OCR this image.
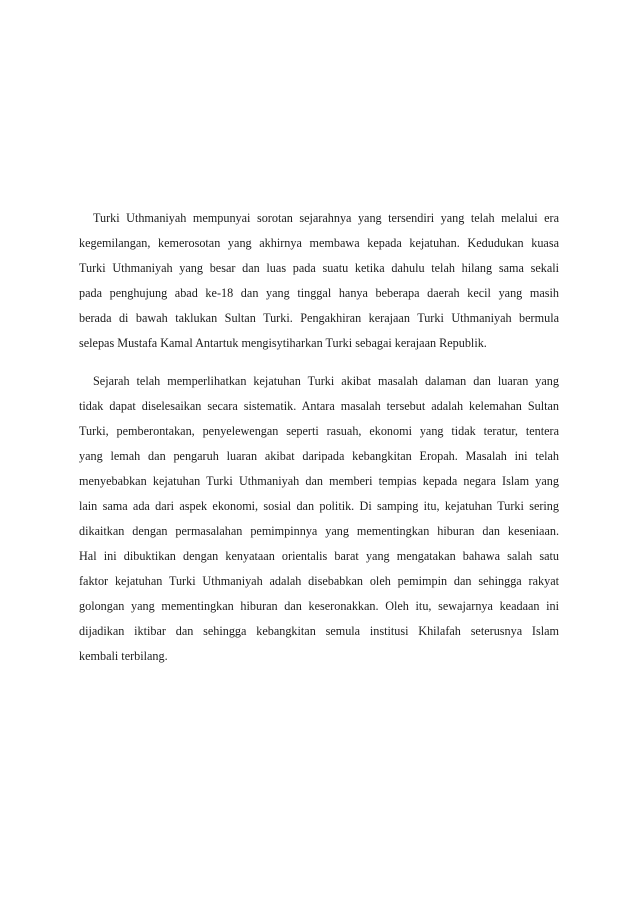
Turki Uthmaniyah mempunyai sorotan sejarahnya yang tersendiri yang telah melalui era
kegemilangan, kemerosotan yang akhirnya membawa kepada kejatuhan. Kedudukan kuasa
Turki Uthmaniyah yang besar dan luas pada suatu ketika dahulu telah hilang sama sekali
pada penghujung abad ke-18 dan yang tinggal hanya beberapa daerah kecil yang masih
berada di bawah taklukan Sultan Turki. Pengakhiran kerajaan Turki Uthmaniyah bermula
selepas Mustafa Kamal Antartuk mengisytiharkan Turki sebagai kerajaan Republik.
Sejarah telah memperlihatkan kejatuhan Turki akibat masalah dalaman dan luaran yang
tidak dapat diselesaikan secara sistematik. Antara masalah tersebut adalah kelemahan Sultan
Turki, pemberontakan, penyelewengan seperti rasuah, ekonomi yang tidak teratur, tentera
yang lemah dan pengaruh luaran akibat daripada kebangkitan Eropah. Masalah ini telah
menyebabkan kejatuhan Turki Uthmaniyah dan memberi tempias kepada negara Islam yang
lain sama ada dari aspek ekonomi, sosial dan politik. Di samping itu, kejatuhan Turki sering
dikaitkan dengan permasalahan pemimpinnya yang mementingkan hiburan dan keseniaan.
Hal ini dibuktikan dengan kenyataan orientalis barat yang mengatakan bahawa salah satu
faktor kejatuhan Turki Uthmaniyah adalah disebabkan oleh pemimpin dan sehingga rakyat
golongan yang mementingkan hiburan dan keseronakkan. Oleh itu, sewajarnya keadaan ini
dijadikan iktibar dan sehingga kebangkitan semula institusi Khilafah seterusnya Islam
kembali terbilang.
